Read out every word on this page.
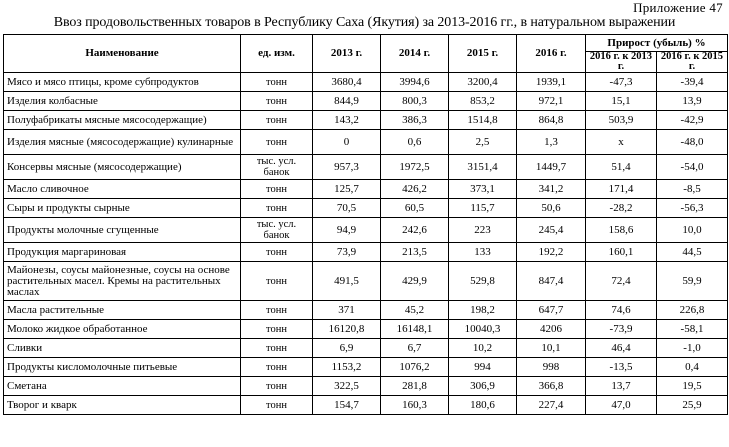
Приложение 47
Ввоз продовольственных товаров в Республику Саха (Якутия) за 2013-2016 гг., в натуральном выражении
Наименование	ед. изм.	2013 г.	2014 г.	2015 г.	2016 г.	Прирост (убыль) %	
						2016 г. к 2013 г.	2016 г. к 2015 г.
Мясо и мясо птицы, кроме субпродуктов	тонн	3680,4	3994,6	3200,4	1939,1	-47,3	-39,4
Изделия колбасные	тонн	844,9	800,3	853,2	972,1	15,1	13,9
Полуфабрикаты мясные мясосодержащие)	тонн	143,2	386,3	1514,8	864,8	503,9	-42,9
Изделия мясные (мясосодержащие) кулинарные	тонн	0	0,6	2,5	1,3	х	-48,0
Консервы мясные (мясосодержащие)	тыс. усл. банок	957,3	1972,5	3151,4	1449,7	51,4	-54,0
Масло сливочное	тонн	125,7	426,2	373,1	341,2	171,4	-8,5
Сыры и продукты сырные	тонн	70,5	60,5	115,7	50,6	-28,2	-56,3
Продукты молочные сгущенные	тыс. усл. банок	94,9	242,6	223	245,4	158,6	10,0
Продукция маргариновая	тонн	73,9	213,5	133	192,2	160,1	44,5
Майонезы, соусы майонезные, соусы на основе растительных масел. Кремы на растительных маслах	тонн	491,5	429,9	529,8	847,4	72,4	59,9
Масла растительные	тонн	371	45,2	198,2	647,7	74,6	226,8
Молоко жидкое обработанное	тонн	16120,8	16148,1	10040,3	4206	-73,9	-58,1
Сливки	тонн	6,9	6,7	10,2	10,1	46,4	-1,0
Продукты кисломолочные питьевые	тонн	1153,2	1076,2	994	998	-13,5	0,4
Сметана	тонн	322,5	281,8	306,9	366,8	13,7	19,5
Творог и кварк	тонн	154,7	160,3	180,6	227,4	47,0	25,9
